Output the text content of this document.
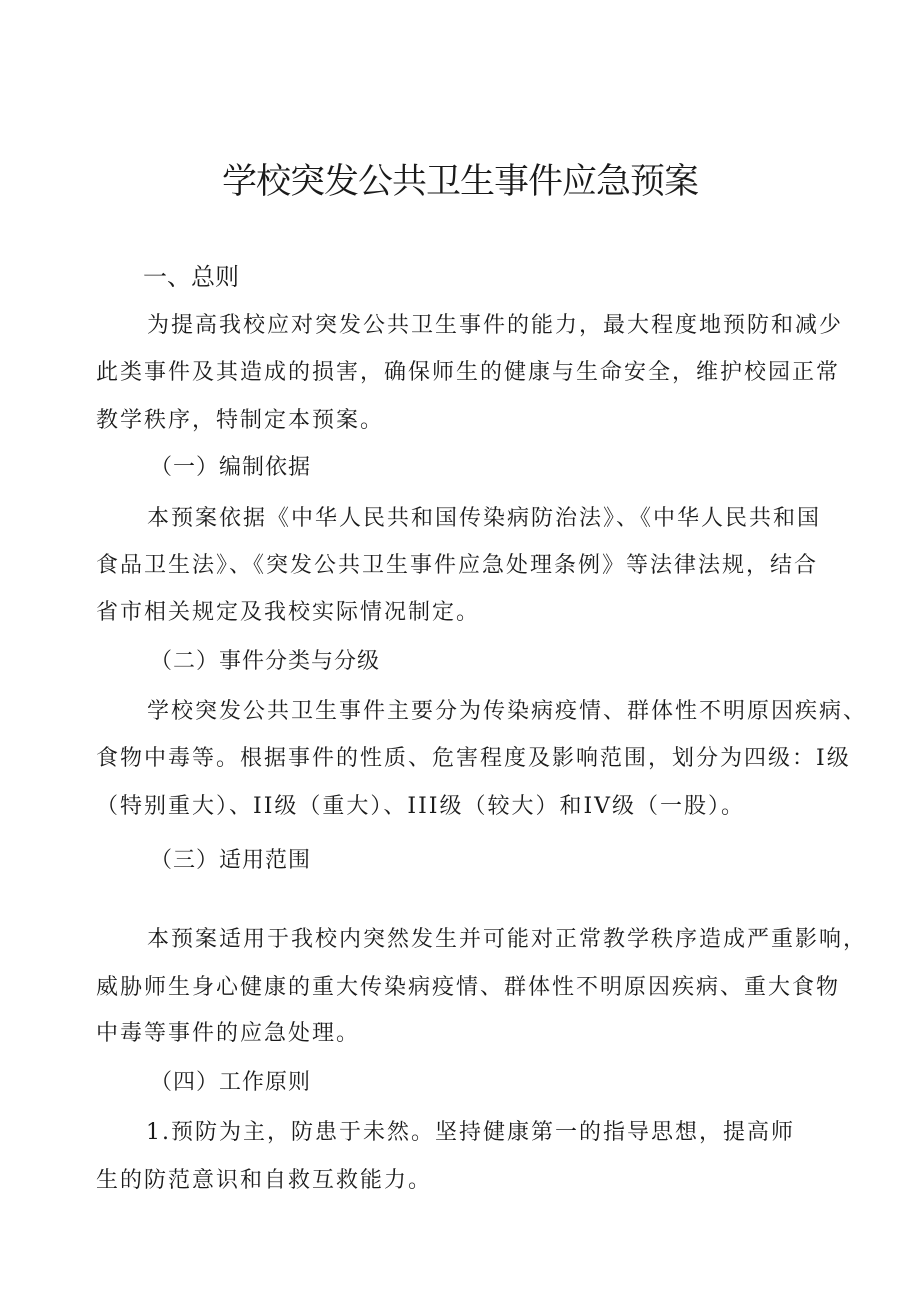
学校突发公共卫生事件应急预案

一、总则

为提高我校应对突发公共卫生事件的能力，最大程度地预防和减少

此类事件及其造成的损害，确保师生的健康与生命安全，维护校园正常

教学秩序，特制定本预案。

（一）编制依据

本预案依据《中华人民共和国传染病防治法》、《中华人民共和国

食品卫生法》、《突发公共卫生事件应急处理条例》等法律法规，结合

省市相关规定及我校实际情况制定。

（二）事件分类与分级

学校突发公共卫生事件主要分为传染病疫情、群体性不明原因疾病、

食物中毒等。根据事件的性质、危害程度及影响范围，划分为四级：I级

（特别重大）、II级（重大）、III级（较大）和IV级（一股）。

（三）适用范围

本预案适用于我校内突然发生并可能对正常教学秩序造成严重影响，

威胁师生身心健康的重大传染病疫情、群体性不明原因疾病、重大食物

中毒等事件的应急处理。

（四）工作原则

1.预防为主，防患于未然。坚持健康第一的指导思想，提高师

生的防范意识和自救互救能力。
